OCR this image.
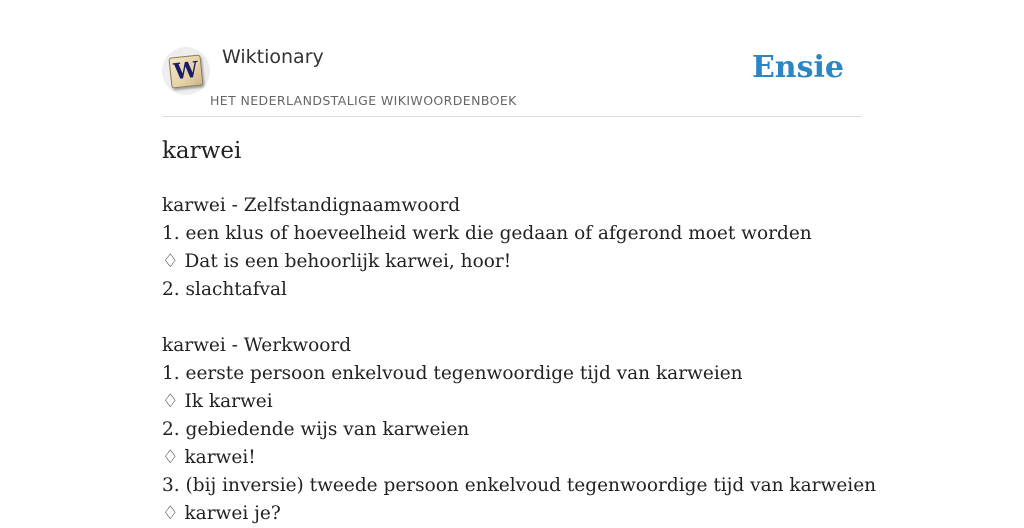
W Wiktionary
HET NEDERLANDSTALIGE WIKIWOORDENBOEK
Ensie
karwei
karwei - Zelfstandignaamwoord
1. een klus of hoeveelheid werk die gedaan of afgerond moet worden
♢ Dat is een behoorlijk karwei, hoor!
2. slachtafval
karwei - Werkwoord
1. eerste persoon enkelvoud tegenwoordige tijd van karweien
♢ Ik karwei
2. gebiedende wijs van karweien
♢ karwei!
3. (bij inversie) tweede persoon enkelvoud tegenwoordige tijd van karweien
♢ karwei je?
